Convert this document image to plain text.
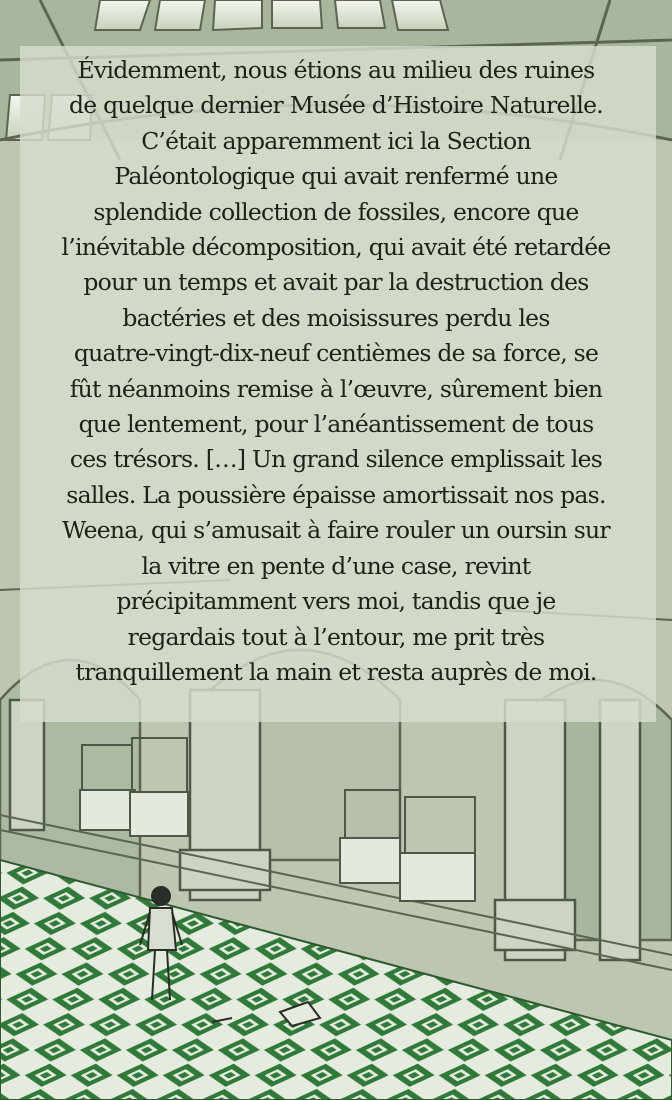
Évidemment, nous étions au milieu des ruines
de quelque dernier Musée d’Histoire Naturelle.
C’était apparemment ici la Section
Paléontologique qui avait renfermé une
splendide collection de fossiles, encore que
l’inévitable décomposition, qui avait été retardée
pour un temps et avait par la destruction des
bactéries et des moisissures perdu les
quatre-vingt-dix-neuf centièmes de sa force, se
fût néanmoins remise à l’œuvre, sûrement bien
que lentement, pour l’anéantissement de tous
ces trésors. […] Un grand silence emplissait les
salles. La poussière épaisse amortissait nos pas.
Weena, qui s’amusait à faire rouler un oursin sur
la vitre en pente d’une case, revint
précipitamment vers moi, tandis que je
regardais tout à l’entour, me prit très
tranquillement la main et resta auprès de moi.
